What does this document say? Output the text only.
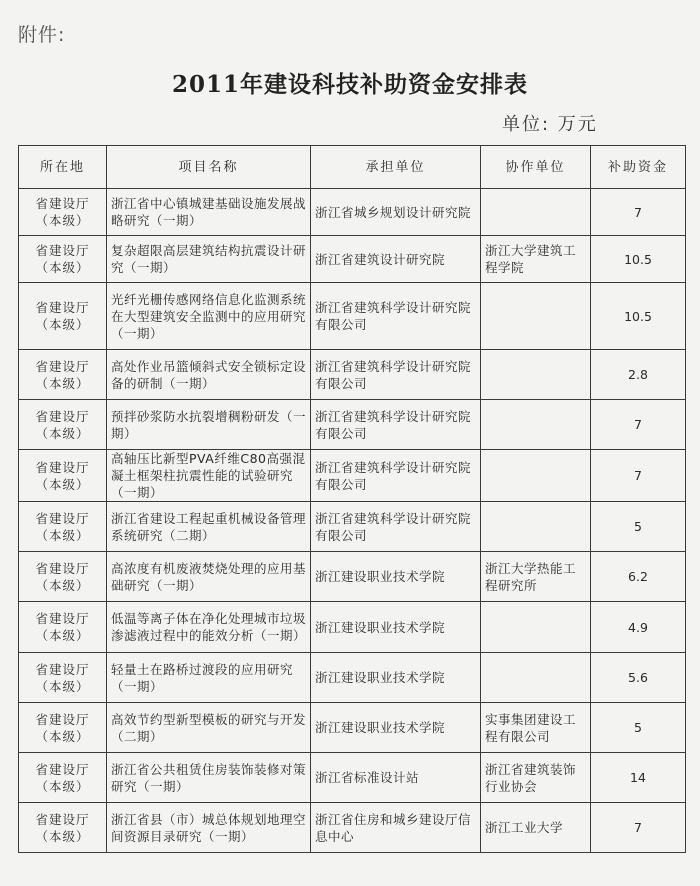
附件:
2011年建设科技补助资金安排表
单位: 万元
所在地	项目名称	承担单位	协作单位	补助资金
省建设厅（本级）	浙江省中心镇城建基础设施发展战略研究（一期）	浙江省城乡规划设计研究院		7
省建设厅（本级）	复杂超限高层建筑结构抗震设计研究（一期）	浙江省建筑设计研究院	浙江大学建筑工程学院	10.5
省建设厅（本级）	光纤光栅传感网络信息化监测系统在大型建筑安全监测中的应用研究（一期）	浙江省建筑科学设计研究院有限公司		10.5
省建设厅（本级）	高处作业吊篮倾斜式安全锁标定设备的研制（一期）	浙江省建筑科学设计研究院有限公司		2.8
省建设厅（本级）	预拌砂浆防水抗裂增稠粉研发（一期）	浙江省建筑科学设计研究院有限公司		7
省建设厅（本级）	高轴压比新型PVA纤维C80高强混凝土框架柱抗震性能的试验研究（一期）	浙江省建筑科学设计研究院有限公司		7
省建设厅（本级）	浙江省建设工程起重机械设备管理系统研究（二期）	浙江省建筑科学设计研究院有限公司		5
省建设厅（本级）	高浓度有机废液焚烧处理的应用基础研究（一期）	浙江建设职业技术学院	浙江大学热能工程研究所	6.2
省建设厅（本级）	低温等离子体在净化处理城市垃圾渗滤液过程中的能效分析（一期）	浙江建设职业技术学院		4.9
省建设厅（本级）	轻量土在路桥过渡段的应用研究（一期）	浙江建设职业技术学院		5.6
省建设厅（本级）	高效节约型新型模板的研究与开发（二期）	浙江建设职业技术学院	实事集团建设工程有限公司	5
省建设厅（本级）	浙江省公共租赁住房装饰装修对策研究（一期）	浙江省标准设计站	浙江省建筑装饰行业协会	14
省建设厅（本级）	浙江省县（市）城总体规划地理空间资源目录研究（一期）	浙江省住房和城乡建设厅信息中心	浙江工业大学	7
